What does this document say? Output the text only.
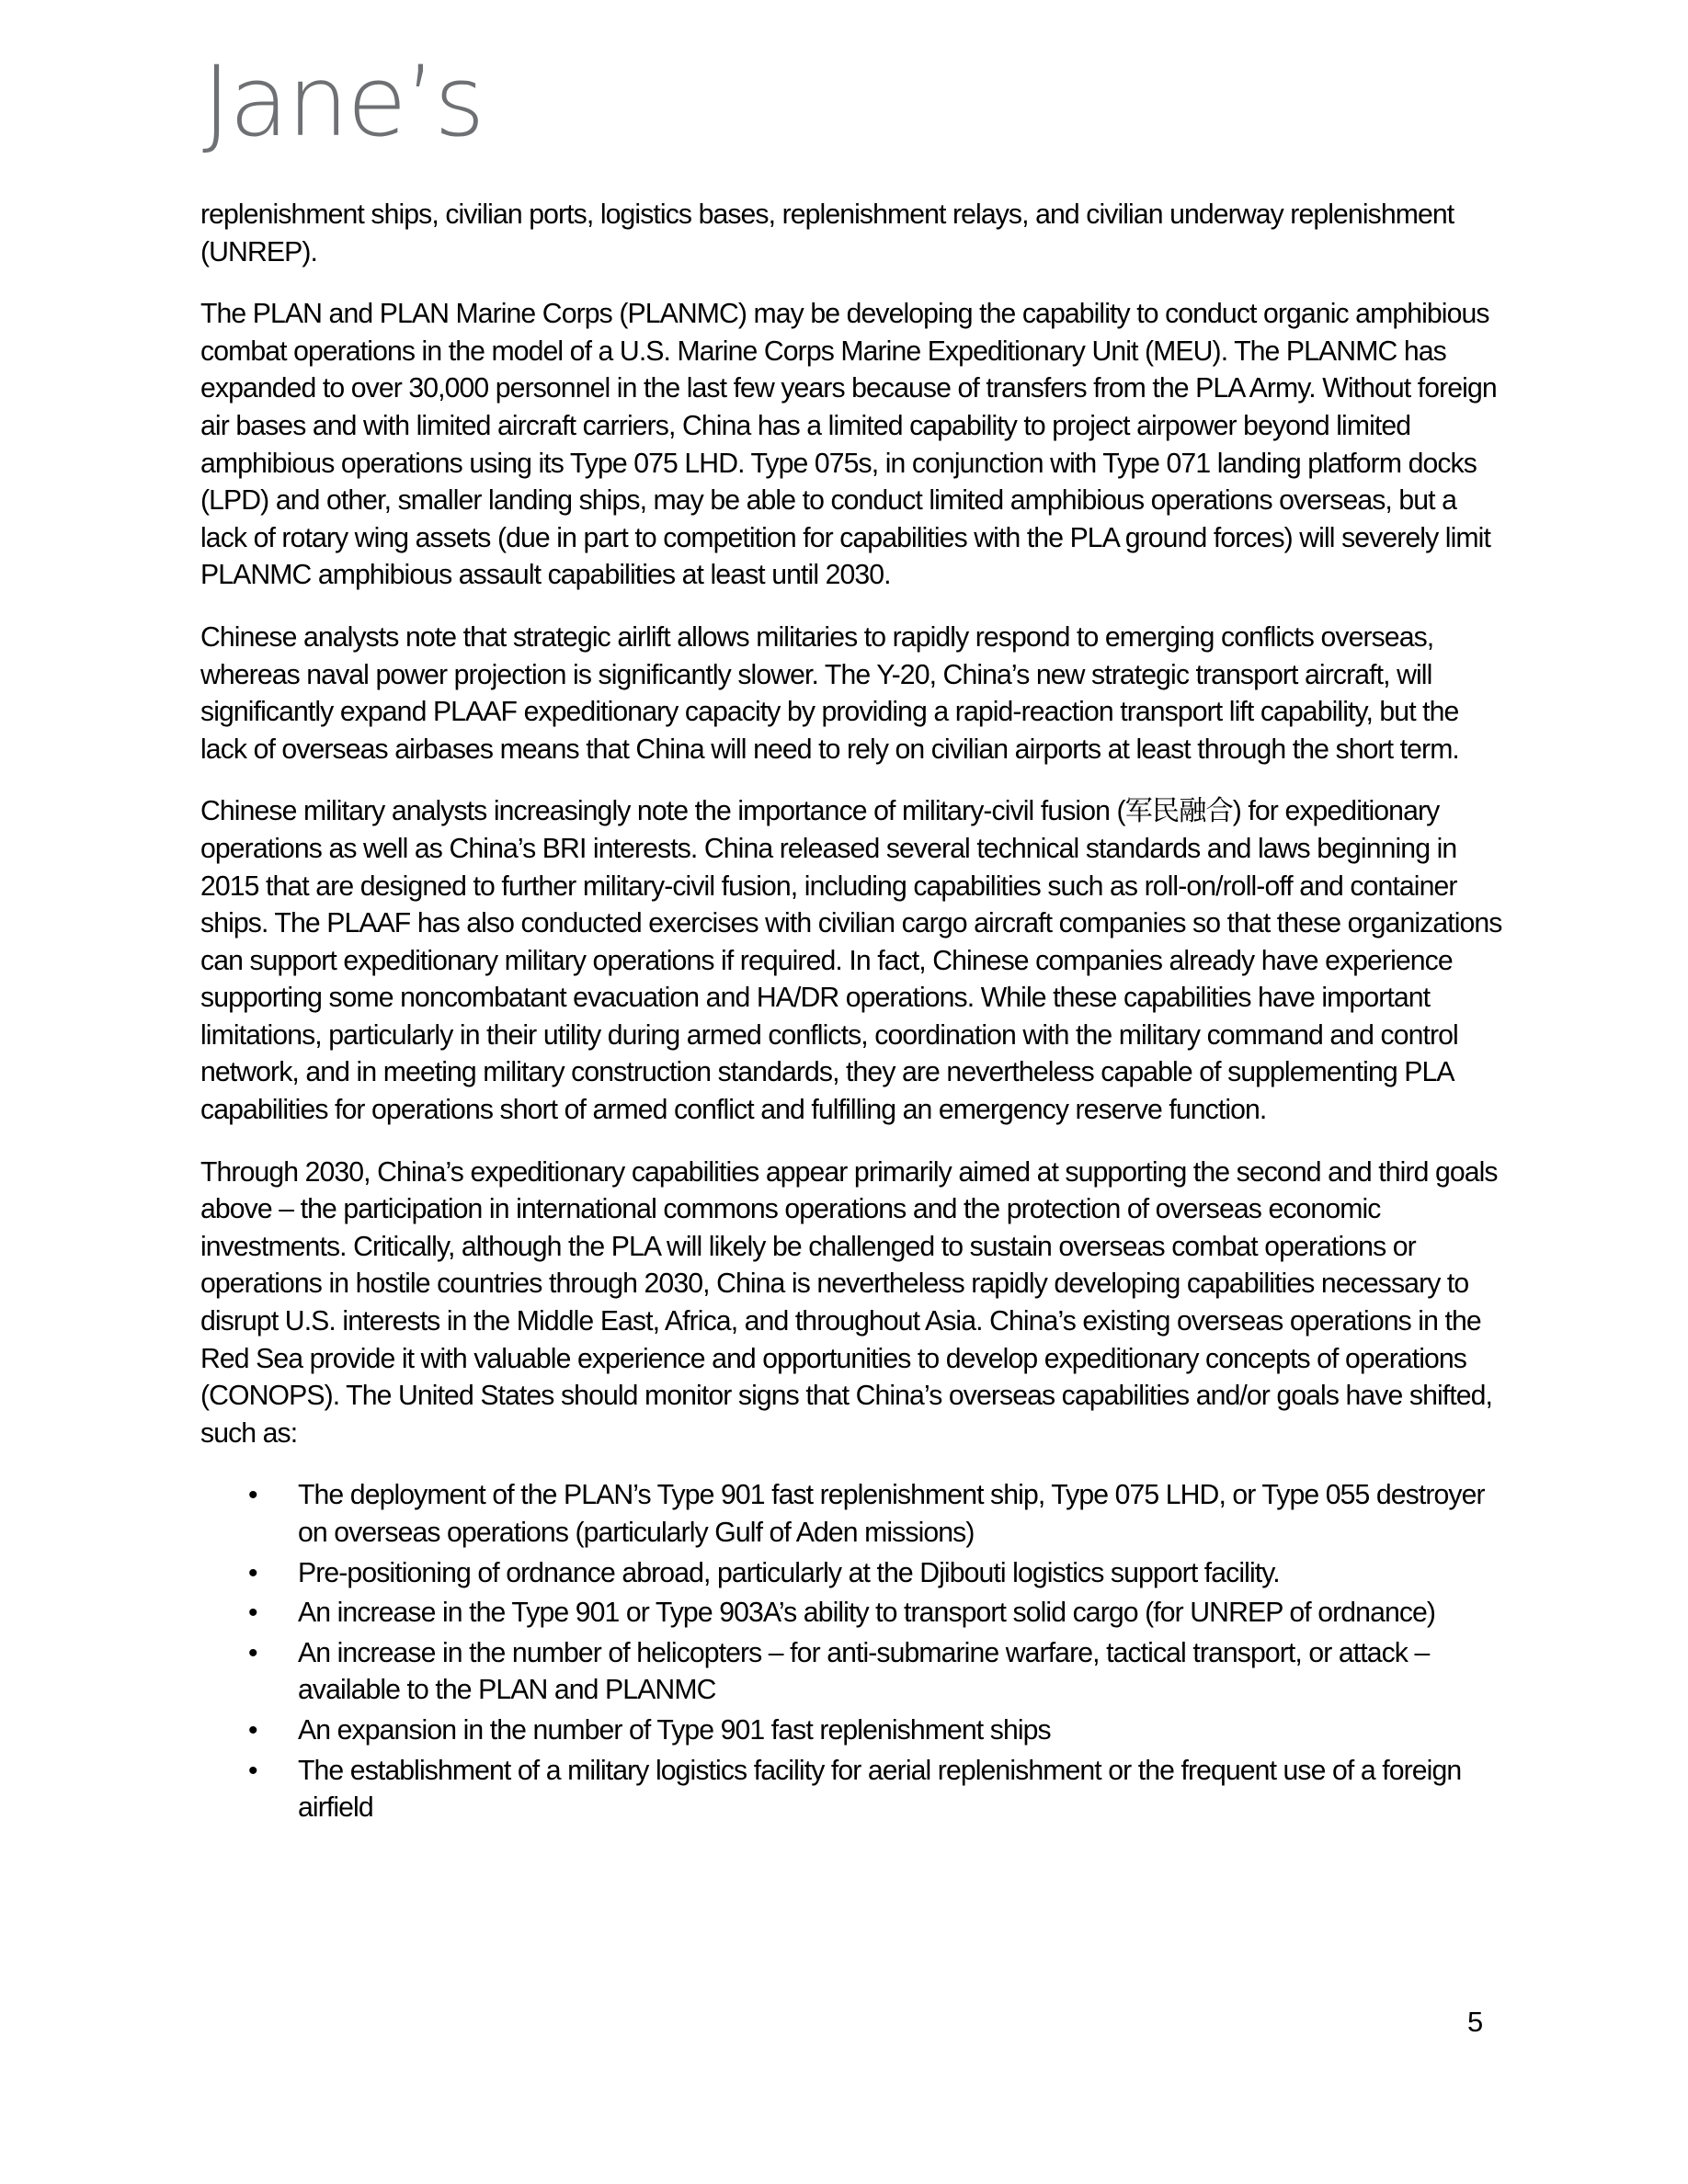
Jane’s

replenishment ships, civilian ports, logistics bases, replenishment relays, and civilian underway replenishment (UNREP).

The PLAN and PLAN Marine Corps (PLANMC) may be developing the capability to conduct organic amphibious combat operations in the model of a U.S. Marine Corps Marine Expeditionary Unit (MEU). The PLANMC has expanded to over 30,000 personnel in the last few years because of transfers from the PLA Army. Without foreign air bases and with limited aircraft carriers, China has a limited capability to project airpower beyond limited amphibious operations using its Type 075 LHD. Type 075s, in conjunction with Type 071 landing platform docks (LPD) and other, smaller landing ships, may be able to conduct limited amphibious operations overseas, but a lack of rotary wing assets (due in part to competition for capabilities with the PLA ground forces) will severely limit PLANMC amphibious assault capabilities at least until 2030.

Chinese analysts note that strategic airlift allows militaries to rapidly respond to emerging conflicts overseas, whereas naval power projection is significantly slower. The Y-20, China’s new strategic transport aircraft, will significantly expand PLAAF expeditionary capacity by providing a rapid-reaction transport lift capability, but the lack of overseas airbases means that China will need to rely on civilian airports at least through the short term.

Chinese military analysts increasingly note the importance of military-civil fusion (军民融合) for expeditionary operations as well as China’s BRI interests. China released several technical standards and laws beginning in 2015 that are designed to further military-civil fusion, including capabilities such as roll-on/roll-off and container ships. The PLAAF has also conducted exercises with civilian cargo aircraft companies so that these organizations can support expeditionary military operations if required. In fact, Chinese companies already have experience supporting some noncombatant evacuation and HA/DR operations. While these capabilities have important limitations, particularly in their utility during armed conflicts, coordination with the military command and control network, and in meeting military construction standards, they are nevertheless capable of supplementing PLA capabilities for operations short of armed conflict and fulfilling an emergency reserve function.

Through 2030, China’s expeditionary capabilities appear primarily aimed at supporting the second and third goals above – the participation in international commons operations and the protection of overseas economic investments. Critically, although the PLA will likely be challenged to sustain overseas combat operations or operations in hostile countries through 2030, China is nevertheless rapidly developing capabilities necessary to disrupt U.S. interests in the Middle East, Africa, and throughout Asia. China’s existing overseas operations in the Red Sea provide it with valuable experience and opportunities to develop expeditionary concepts of operations (CONOPS). The United States should monitor signs that China’s overseas capabilities and/or goals have shifted, such as:

• The deployment of the PLAN’s Type 901 fast replenishment ship, Type 075 LHD, or Type 055 destroyer on overseas operations (particularly Gulf of Aden missions)
• Pre-positioning of ordnance abroad, particularly at the Djibouti logistics support facility.
• An increase in the Type 901 or Type 903A’s ability to transport solid cargo (for UNREP of ordnance)
• An increase in the number of helicopters – for anti-submarine warfare, tactical transport, or attack – available to the PLAN and PLANMC
• An expansion in the number of Type 901 fast replenishment ships
• The establishment of a military logistics facility for aerial replenishment or the frequent use of a foreign airfield

5
